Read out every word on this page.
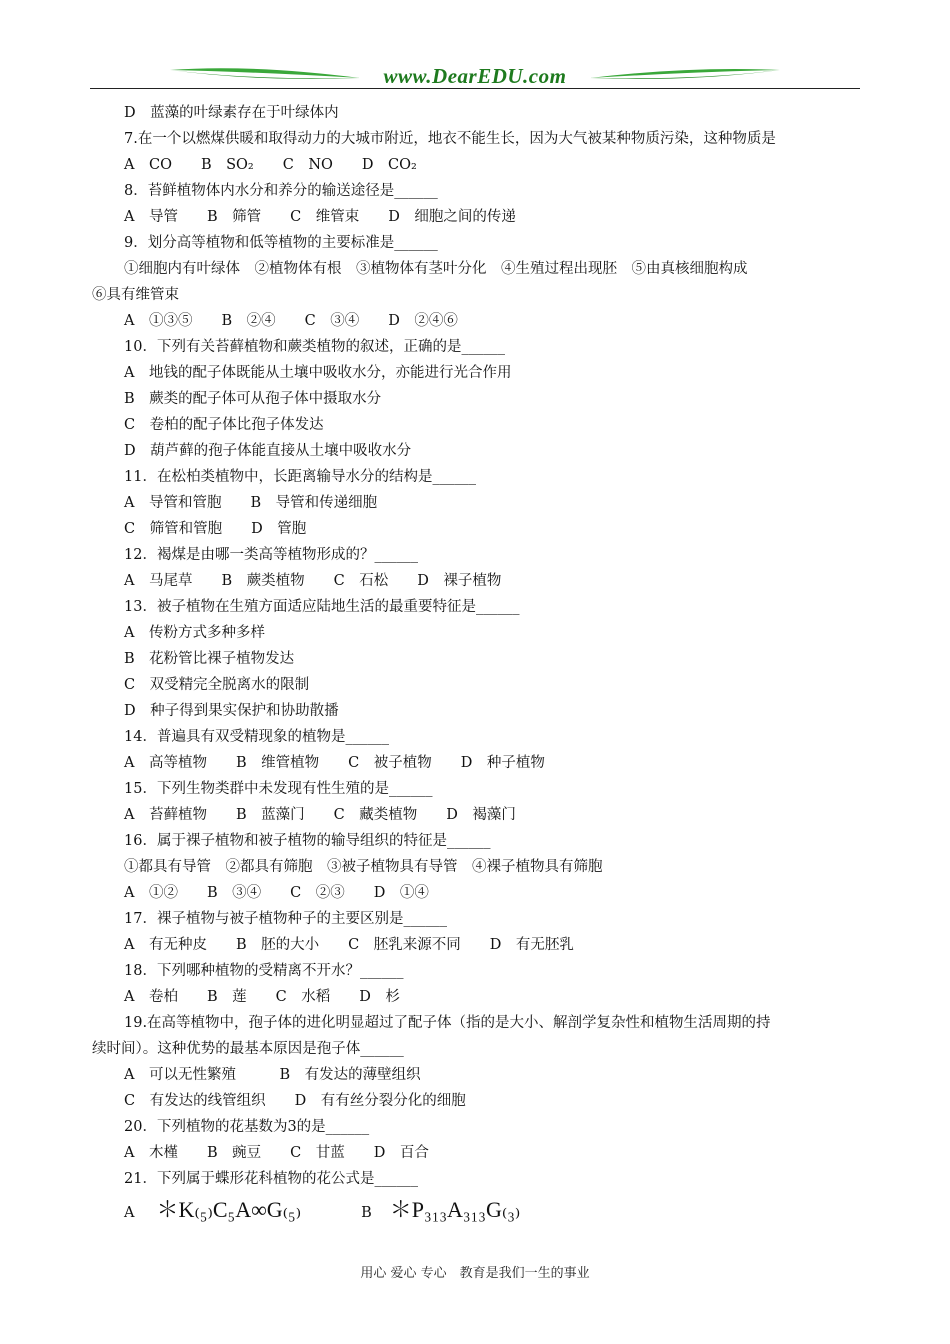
www.DearEDU.com
D　蓝藻的叶绿素存在于叶绿体内
7.在一个以燃煤供暖和取得动力的大城市附近，地衣不能生长，因为大气被某种物质污染，这种物质是
A　CO　　B　SO₂　　C　NO　　D　CO₂
8．苔鲜植物体内水分和养分的输送途径是______
A　导管　　B　筛管　　C　维管束　　D　细胞之间的传递
9．划分高等植物和低等植物的主要标准是______
①细胞内有叶绿体　②植物体有根　③植物体有茎叶分化　④生殖过程出现胚　⑤由真核细胞构成
⑥具有维管束
A　①③⑤　　B　②④　　C　③④　　D　②④⑥
10．下列有关苔藓植物和蕨类植物的叙述，正确的是______
A　地钱的配子体既能从土壤中吸收水分，亦能进行光合作用
B　蕨类的配子体可从孢子体中摄取水分
C　卷柏的配子体比孢子体发达
D　葫芦藓的孢子体能直接从土壤中吸收水分
11．在松柏类植物中，长距离输导水分的结构是______
A　导管和管胞　　B　导管和传递细胞
C　筛管和管胞　　D　管胞
12．褐煤是由哪一类高等植物形成的？______
A　马尾草　　B　蕨类植物　　C　石松　　D　裸子植物
13．被子植物在生殖方面适应陆地生活的最重要特征是______
A　传粉方式多种多样
B　花粉管比裸子植物发达
C　双受精完全脱离水的限制
D　种子得到果实保护和协助散播
14．普遍具有双受精现象的植物是______
A　高等植物　　B　维管植物　　C　被子植物　　D　种子植物
15．下列生物类群中未发现有性生殖的是______
A　苔藓植物　　B　蓝藻门　　C　藏类植物　　D　褐藻门
16．属于裸子植物和被子植物的输导组织的特征是______
①都具有导管　②都具有筛胞　③被子植物具有导管　④裸子植物具有筛胞
A　①②　　B　③④　　C　②③　　D　①④
17．裸子植物与被子植物种子的主要区别是______
A　有无种皮　　B　胚的大小　　C　胚乳来源不同　　D　有无胚乳
18．下列哪种植物的受精离不开水？______
A　卷柏　　B　莲　　C　水稻　　D　杉
19.在高等植物中，孢子体的进化明显超过了配子体（指的是大小、解剖学复杂性和植物生活周期的持
续时间）。这种优势的最基本原因是孢子体______
A　可以无性繁殖　　　B　有发达的薄壁组织
C　有发达的线管组织　　D　有有丝分裂分化的细胞
20．下列植物的花基数为3的是______
A　木槿　　B　豌豆　　C　甘蓝　　D　百合
21．下列属于蝶形花科植物的花公式是______
A ＊K₍₅₎C₅A∞G₍₅₎	B ＊P₃₁₃A₃₁₃G₍₃₎
用心 爱心 专心　教育是我们一生的事业
